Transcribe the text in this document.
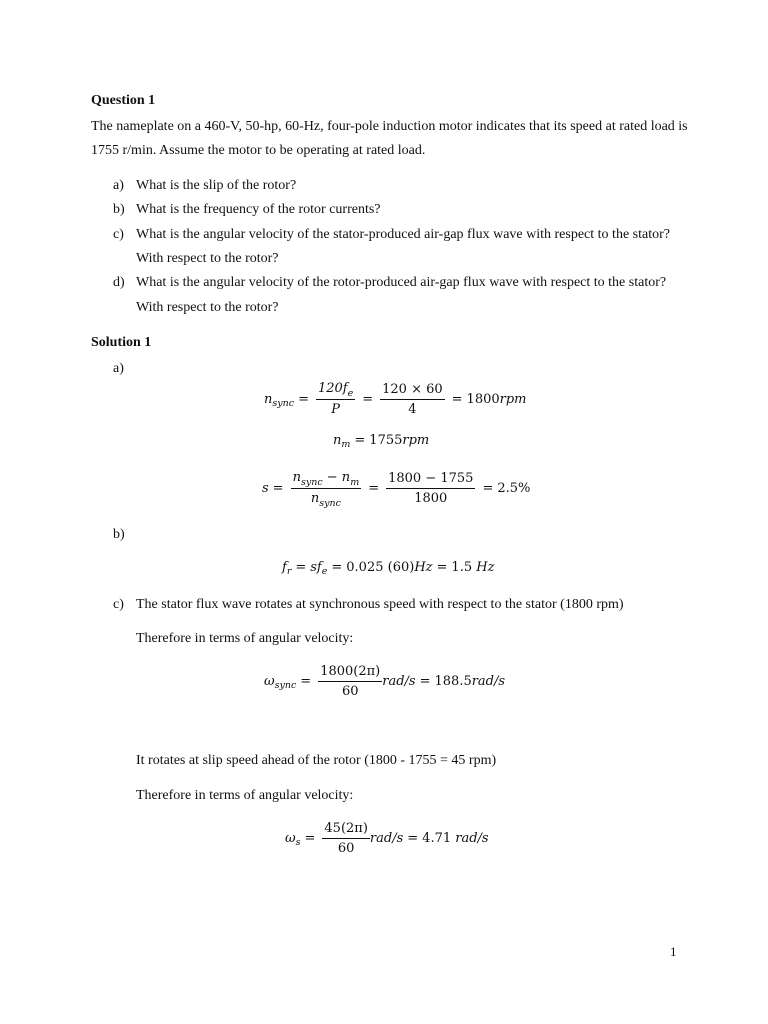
Question 1
The nameplate on a 460-V, 50-hp, 60-Hz, four-pole induction motor indicates that its speed at rated load is
1755 r/min. Assume the motor to be operating at rated load.
a) What is the slip of the rotor?
b) What is the frequency of the rotor currents?
c) What is the angular velocity of the stator-produced air-gap flux wave with respect to the stator?
With respect to the rotor?
d) What is the angular velocity of the rotor-produced air-gap flux wave with respect to the stator?
With respect to the rotor?
Solution 1
a)
n sync = $\frac{120f_e}{P} = \frac{120 \times 60}{4} = 1800$ rpm
n m = 1755 rpm
$s = \frac{n_{sync} - n_m}{n_{sync}} = \frac{1800 - 1755}{1800} = 2.5\%$
b)
f r = sf e = 0.025 (60) Hz = 1.5
Hz
c) The stator flux wave rotates at synchronous speed with respect to the stator (1800 rpm)
Therefore in terms of angular velocity:
ω sync = $\frac{1800(2\pi)}{60} rad/s = 188.5$ rad/s
It rotates at slip speed ahead of the rotor (1800 - 1755 = 45 rpm)
Therefore in terms of angular velocity:
ω $s = \frac{45(2\pi)}{60} rad/s = 4.71$
rad/s
1
